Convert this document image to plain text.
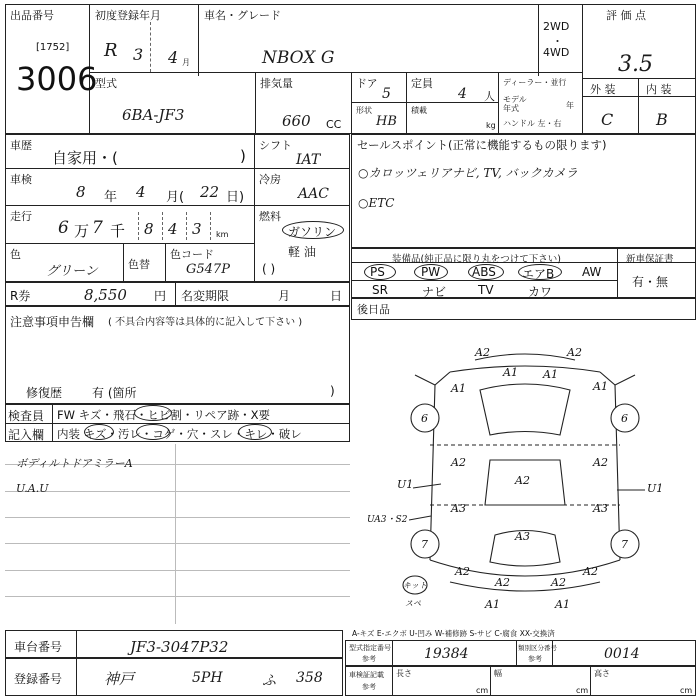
出品番号
[1752]
3006
初度登録年月
R 3 4 月
車名・グレード
NBOX G
2WD
・
4WD
評 価 点
3.5
型式
6BA-JF3
排気量
660 CC
ドア
5
定員
4 人
ディーラー・並行
モデル
年式	年
ハンドル 左・右
形状
HB
積載
kg
外 装	内 装
C	B
車歴
自家用・(	)
シフト
IAT
車検
8 年 4 月( 22 日)
冷房
AAC
走行
6 万 7 千 8 4 3 km
燃料
ガソリン
軽 油
( )
色
グリーン	色替
色コード
G547P
R券	8,550 円 名変期限	月	日
注意事項申告欄 ( 不具合内容等は具体的に記入して下さい )
修復歴 有 (箇所	)
検査員
記入欄
FW キズ・飛石・ヒビ割・リペア跡・X要
内装 キズ・汚レ・コゲ・穴・スレ・キレ・破レ
ボディルトドアミラーA
U.A.U
セールスポイント(正常に機能するもの限ります)
○カロッツェリアナビ, TV, バックカメラ
○ETC
装備品(純正品に限り丸をつけて下さい)	新車保証書
有・無
PS	PW	ABS エアB AW
SR	ナビ	TV	カワ
後日品
A2	A2
A1
A1 A1
A1
6	6
A2
A2
A2
U1	U1
A3
A3
A3
UA3・S2
7	7
A2	A2
A2	A2
A1	A1
キット
スペ
A-キズ E-エクボ U-凹み W-補修跡 S-サビ C-腐食 XX-交換済
車台番号	JF3-3047P32
登録番号	神戸	5PH	ふ 358
型式指定番号
参考	19384	類別区分番号
参考	0014
車検証記載
参考
長さ
cm
幅
cm
高さ
cm
